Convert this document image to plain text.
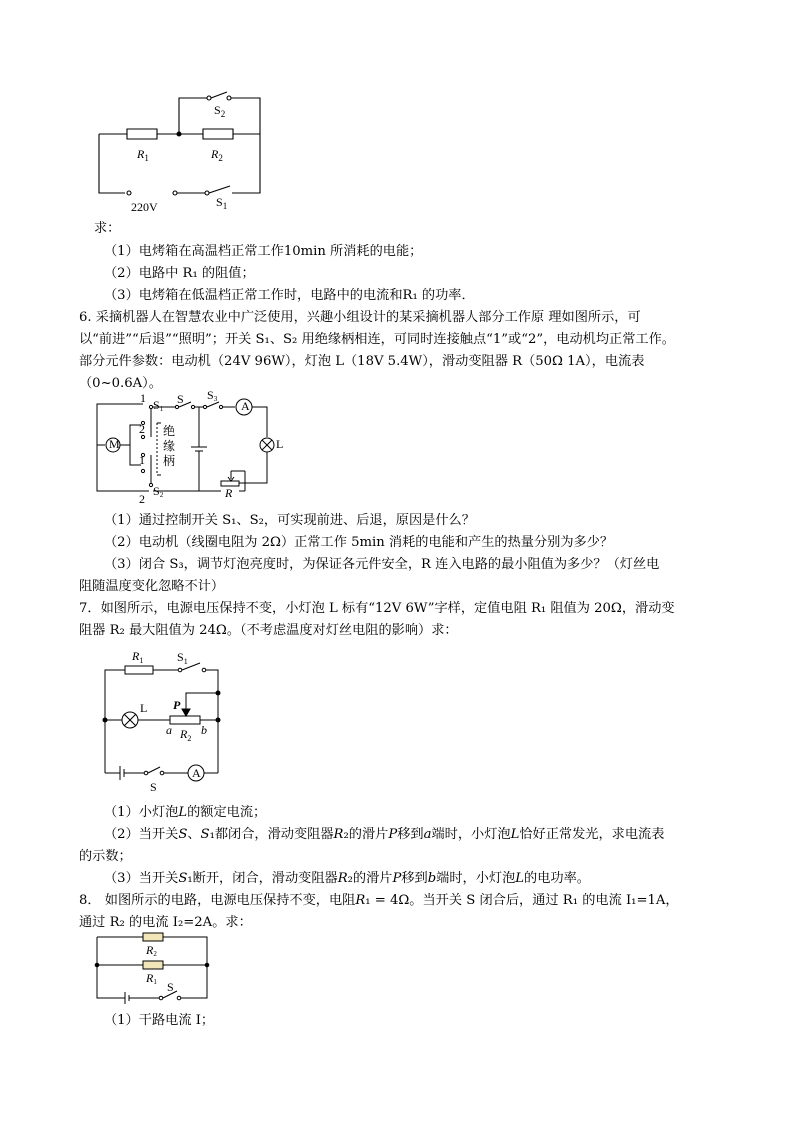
$S_2$
$R_1$	$R_2$
220V	$S_1$
求：
（1）电烤箱在高温档正常工作10min 所消耗的电能；
（2）电路中 R₁ 的阻值；
（3）电烤箱在低温档正常工作时，电路中的电流和R₁ 的功率．
6. 采摘机器人在智慧农业中广泛使用，兴趣小组设计的某采摘机器人部分工作原 理如图所示，可
以“前进”“后退”“照明”；开关 S₁、S₂ 用绝缘柄相连，可同时连接触点“1”或“2”，电动机均正常工作。
部分元件参数：电动机（24V 96W），灯泡 L（18V 5.4W），滑动变阻器 R（50Ω 1A），电流表
（0~0.6A）。
1 S1
S S3 A
M
2 绝
缘
柄
L
1
S2	R
2
（1）通过控制开关 S₁、S₂，可实现前进、后退，原因是什么？
（2）电动机（线圈电阻为 2Ω）正常工作 5min 消耗的电能和产生的热量分别为多少？
（3）闭合 S₃，调节灯泡亮度时，为保证各元件安全，R 连入电路的最小阻值为多少？（灯丝电
阻随温度变化忽略不计）
7．如图所示，电源电压保持不变，小灯泡 L 标有“12V 6W”字样，定值电阻 R₁ 阻值为 20Ω，滑动变
阻器 R₂ 最大阻值为 24Ω。（不考虑温度对灯丝电阻的影响）求：
$R_1$	$S_1$
L P
a b
$R_2$
S
A
（1）小灯泡𝐿的额定电流；
（2）当开关𝑆、𝑆₁都闭合，滑动变阻器𝑅₂的滑片𝑃移到𝑎端时，小灯泡𝐿恰好正常发光，求电流表
的示数；
（3）当开关𝑆₁断开，闭合，滑动变阻器𝑅₂的滑片𝑃移到𝑏端时，小灯泡𝐿的电功率。
8． 如图所示的电路，电源电压保持不变，电阻𝑅₁ = 4Ω。当开关 S 闭合后，通过 R₁ 的电流 I₁=1A，
通过 R₂ 的电流 I₂=2A。求：
R2
R1 S
（1）干路电流 I；
